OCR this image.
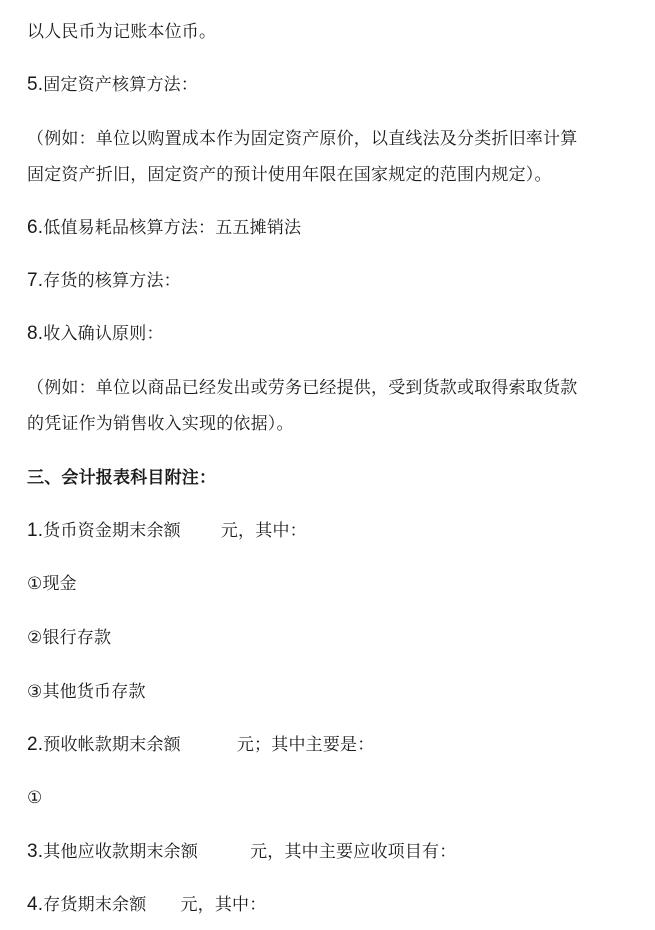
以人民币为记账本位币。
5.固定资产核算方法：
（例如：单位以购置成本作为固定资产原价，以直线法及分类折旧率计算
固定资产折旧，固定资产的预计使用年限在国家规定的范围内规定）。
6.低值易耗品核算方法：五五摊销法
7.存货的核算方法：
8.收入确认原则：
（例如：单位以商品已经发出或劳务已经提供，受到货款或取得索取货款
的凭证作为销售收入实现的依据）。
三、会计报表科目附注：
1.货币资金期末余额 元，其中：
①现金
②银行存款
③其他货币存款
2.预收帐款期末余额	元；其中主要是：
①
3.其他应收款期末余额	元，其中主要应收项目有：
4.存货期末余额 元，其中：
